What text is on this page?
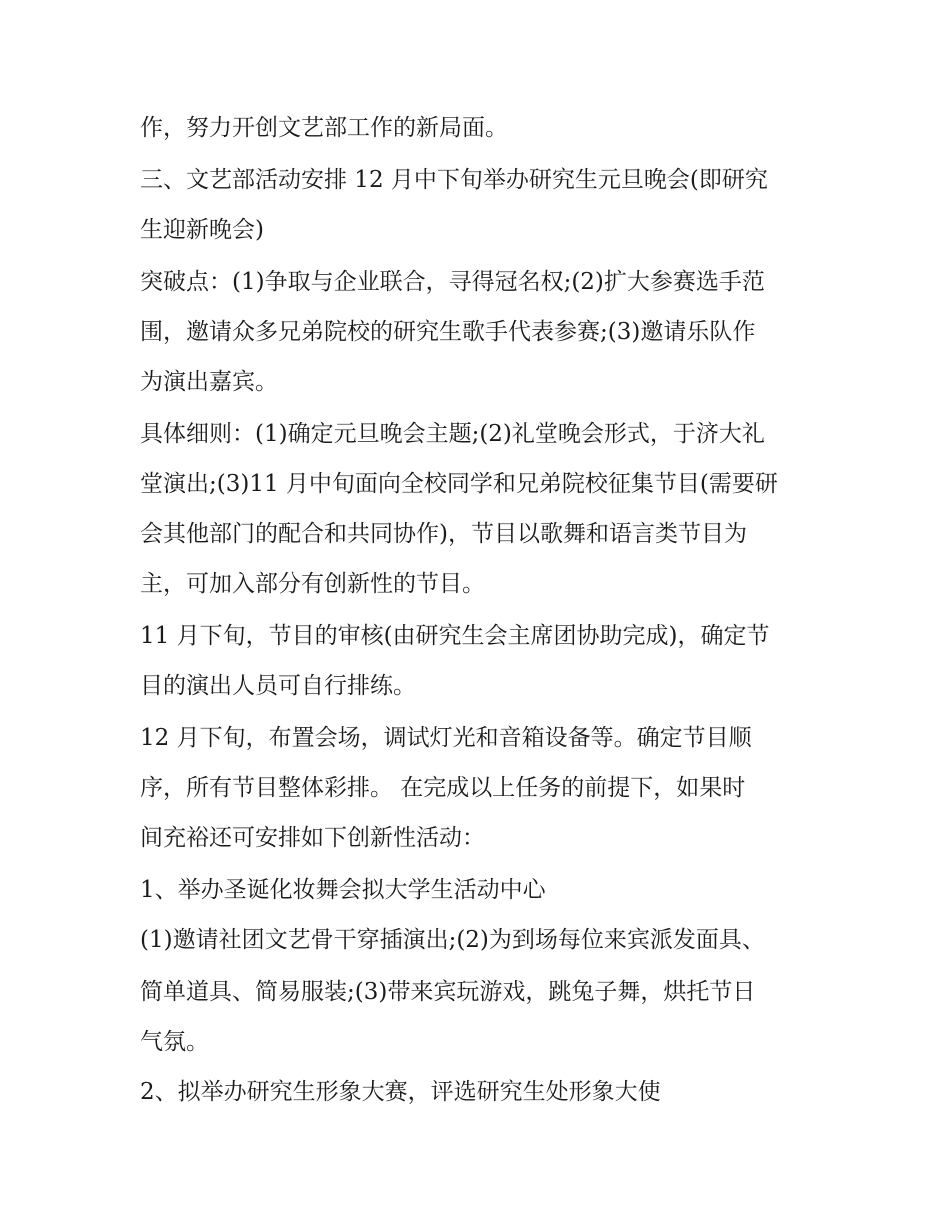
作，努力开创文艺部工作的新局面。

三、文艺部活动安排 12 月中下旬举办研究生元旦晚会(即研究

生迎新晚会)

突破点：(1)争取与企业联合，寻得冠名权;(2)扩大参赛选手范

围，邀请众多兄弟院校的研究生歌手代表参赛;(3)邀请乐队作

为演出嘉宾。

具体细则：(1)确定元旦晚会主题;(2)礼堂晚会形式，于济大礼

堂演出;(3)11 月中旬面向全校同学和兄弟院校征集节目(需要研

会其他部门的配合和共同协作)，节目以歌舞和语言类节目为

主，可加入部分有创新性的节目。

11 月下旬，节目的审核(由研究生会主席团协助完成)，确定节

目的演出人员可自行排练。

12 月下旬，布置会场，调试灯光和音箱设备等。确定节目顺

序，所有节目整体彩排。 在完成以上任务的前提下，如果时

间充裕还可安排如下创新性活动：

1、举办圣诞化妆舞会拟大学生活动中心

(1)邀请社团文艺骨干穿插演出;(2)为到场每位来宾派发面具、

简单道具、简易服装;(3)带来宾玩游戏，跳兔子舞，烘托节日

气氛。

2、拟举办研究生形象大赛，评选研究生处形象大使
